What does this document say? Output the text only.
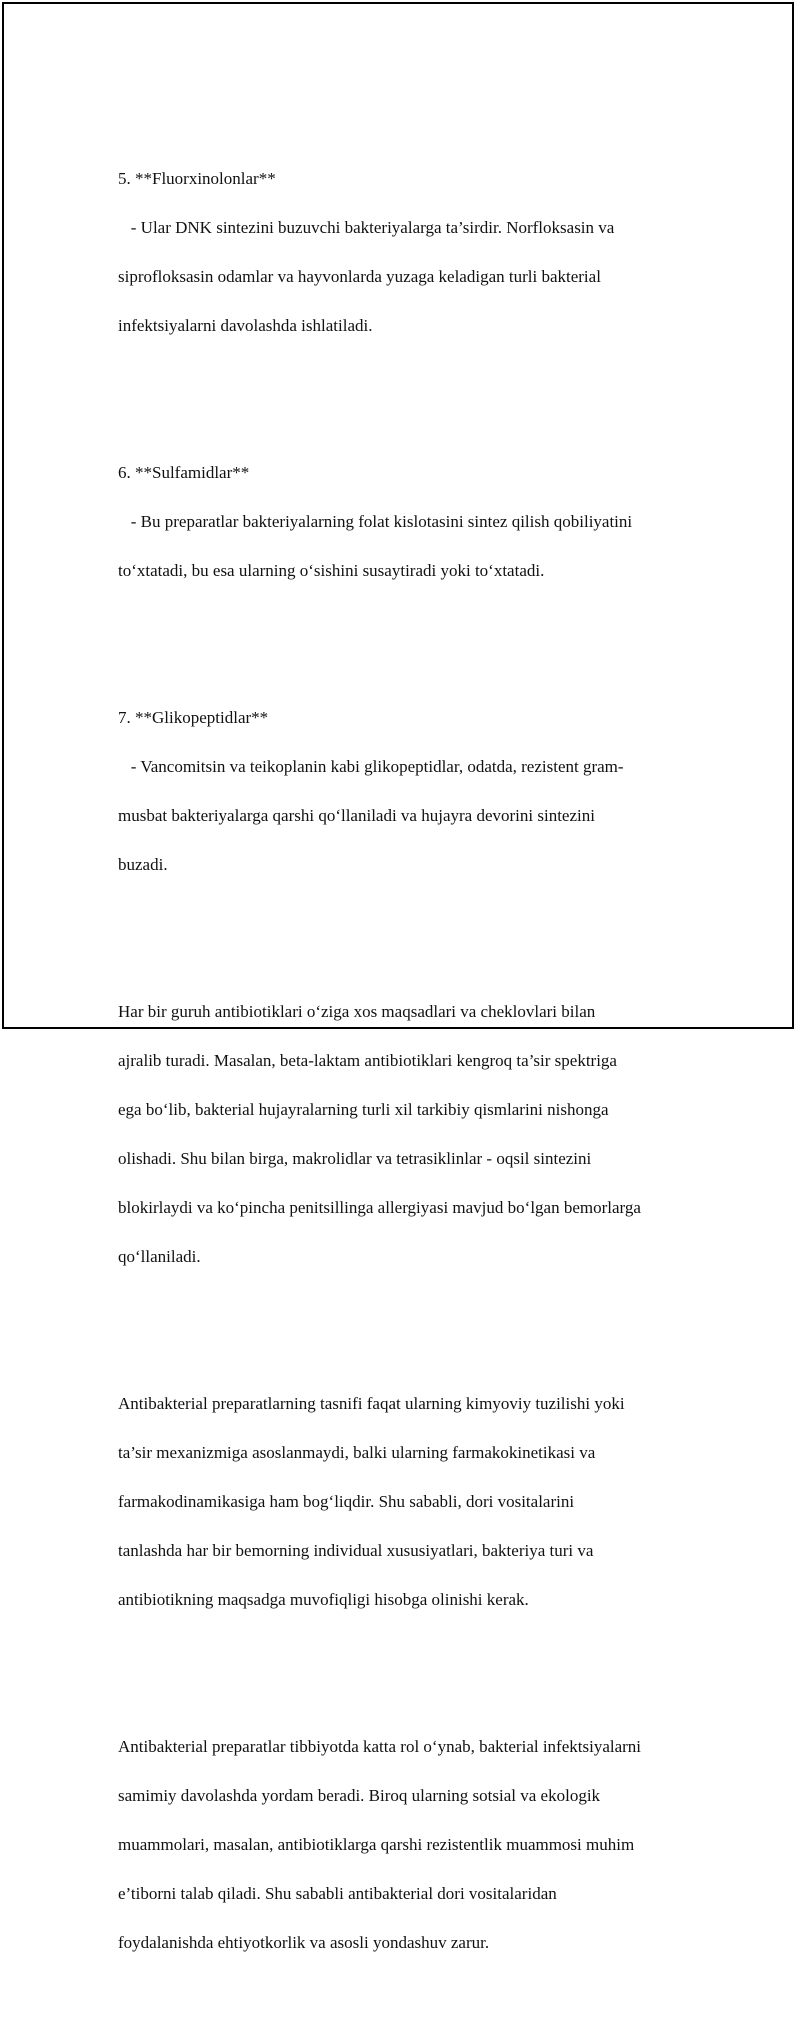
5. **Fluorxinolonlar**

- Ular DNK sintezini buzuvchi bakteriyalarga ta’sirdir. Norfloksasin va

siprofloksasin odamlar va hayvonlarda yuzaga keladigan turli bakterial

infektsiyalarni davolashda ishlatiladi.

6. **Sulfamidlar**

- Bu preparatlar bakteriyalarning folat kislotasini sintez qilish qobiliyatini

to‘xtatadi, bu esa ularning o‘sishini susaytiradi yoki to‘xtatadi.

7. **Glikopeptidlar**

- Vancomitsin va teikoplanin kabi glikopeptidlar, odatda, rezistent gram-

musbat bakteriyalarga qarshi qo‘llaniladi va hujayra devorini sintezini

buzadi.

Har bir guruh antibiotiklari o‘ziga xos maqsadlari va cheklovlari bilan

ajralib turadi. Masalan, beta-laktam antibiotiklari kengroq ta’sir spektriga

ega bo‘lib, bakterial hujayralarning turli xil tarkibiy qismlarini nishonga

olishadi. Shu bilan birga, makrolidlar va tetrasiklinlar - oqsil sintezini

blokirlaydi va ko‘pincha penitsillinga allergiyasi mavjud bo‘lgan bemorlarga

qo‘llaniladi.

Antibakterial preparatlarning tasnifi faqat ularning kimyoviy tuzilishi yoki

ta’sir mexanizmiga asoslanmaydi, balki ularning farmakokinetikasi va

farmakodinamikasiga ham bog‘liqdir. Shu sababli, dori vositalarini

tanlashda har bir bemorning individual xususiyatlari, bakteriya turi va

antibiotikning maqsadga muvofiqligi hisobga olinishi kerak.

Antibakterial preparatlar tibbiyotda katta rol o‘ynab, bakterial infektsiyalarni

samimiy davolashda yordam beradi. Biroq ularning sotsial va ekologik

muammolari, masalan, antibiotiklarga qarshi rezistentlik muammosi muhim

e’tiborni talab qiladi. Shu sababli antibakterial dori vositalaridan

foydalanishda ehtiyotkorlik va asosli yondashuv zarur.
